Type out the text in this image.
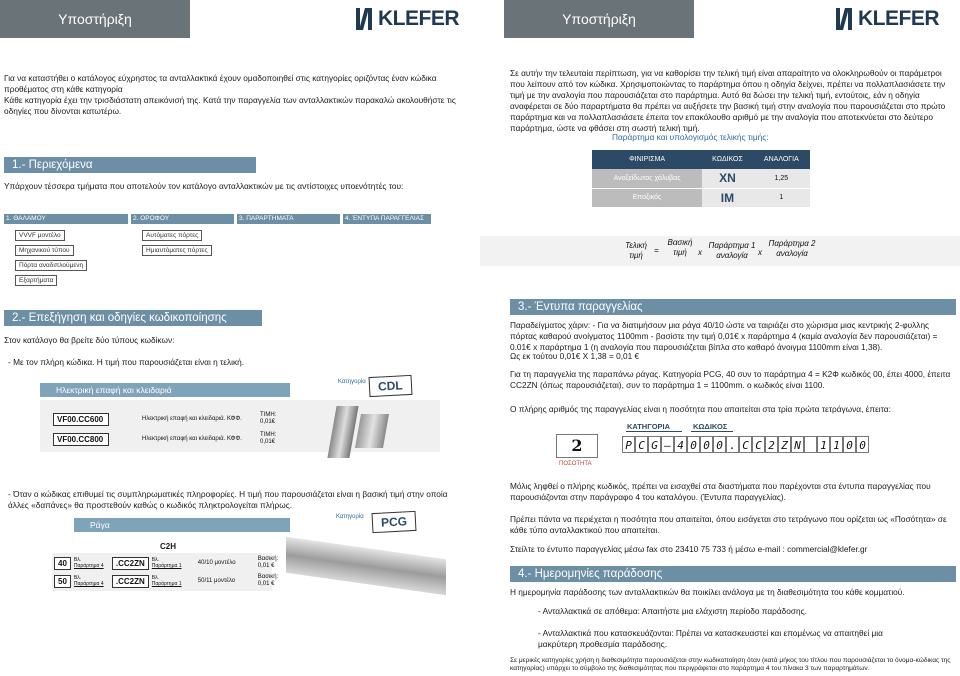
Υποστήριξη	KLEFER
Για να καταστήθει ο κατάλογος εύχρηστος τα ανταλλακτικά έχουν ομαδοποιηθεί στις κατηγορίες οριζόντας έναν κώδικα προθέματος στη κάθε κατηγορία
Κάθε κατηγορία έχει την τρισδιάστατη απεικόνισή της. Κατά την παραγγελία των ανταλλακτικών παρακαλώ ακολουθήστε τις οδηγίες που δίνονται κατωτέρω.
1.- Περιεχόμενα
Υπάρχουν τέσσερα τμήματα που αποτελούν τον κατάλογο ανταλλακτικών με τις αντίστοιχες υποενότητές του:
1. ΘΑΛΑΜΟΥ	2. ΟΡΟΦΟΥ	3. ΠΑΡΑΡΤΗΜΑΤΑ	4. ΈΝΤΥΠΑ ΠΑΡΑΓΓΕΛΙΑΣ
VVVF μοντέλο
Μηχανικού τύπου
Πόρτα αναδιπλούμενη
Εξαρτήματα
Αυτόματες πόρτες
Ημιαυτόματες πόρτες
2.- Επεξήγηση και οδηγίες κωδικοποίησης
Στον κατάλογο θα βρείτε δύο τύπους κωδίκων:
- Με τον πλήρη κώδικα. Η τιμή που παρουσιάζεται είναι η τελική.
Ηλεκτρική επαφή και κλειδαριά
Κατηγορία CDL
VF00.CC600	Ηλεκτρική επαφή και κλειδαριά. ΚΦΦ.
ΤΙΜΗ:
0,01€
VF00.CC800	Ηλεκτρική επαφή και κλειδαριά. ΚΦΦ.
ΤΙΜΗ:
0,01€
- Όταν ο κώδικας επιθυμεί τις συμπληρωματικές πληροφορίες. Η τιμή που παρουσιάζεται είναι η βασική τιμή στην οποία άλλες «δαπάνες» θα προστεθούν καθώς ο κωδικός πληκτρολογείται πλήρως.
Ράγα
Κατηγορία	PCG
C2H
40	Βλ.
Παράρτημα 4	.CC2ZN	Βλ.
Παράρτημα 1	40/10 μοντέλο
Βασική:
0,01 €
50	Βλ.
Παράρτημα 4	.CC2ZN	Βλ.
Παράρτημα 1	50/11 μοντέλο
Βασική:
0,01 €
Υποστήριξη	KLEFER
Σε αυτήν την τελευταία περίπτωση, για να καθορίσει την τελική τιμή είναι απαραίτητο να ολοκληρωθούν οι παράμετροι που λείπουν από τον κώδικα. Χρησιμοποιώντας το παράρτημα όπου η οδηγία δείχνει, πρέπει να πολλαπλασιάσετε την τιμή με την αναλογία που παρουσιάζεται στο παράρτημα. Αυτό θα δώσει την τελική τιμή, εντούτοις, εάν η οδηγία αναφέρεται σε δύο παραρτήματα θα πρέπει να αυξήσετε την βασική τιμή στην αναλογία που παρουσιάζεται στο πρώτο παράρτημα και να πολλαπλασιάσετε έπειτα τον επακόλουθο αριθμό με την αναλογία που αποτεκνύεται στο δεύτερο παράρτημα, ώστε να φθάσει στη σωστή τελική τιμή.
Παράρτημα και υπολογισμός τελικής τιμής:
ΦΙΝΙΡΙΣΜΑ	ΚΩΔΙΚΟΣ	ΑΝΑΛΟΓΙΑ
Ανοξείδωτος χάλυβας	XN	1,25
Εποξικός	IM	1
Τελική τιμή
=
Βασική τιμή	x
Παράρτημα 1 αναλογία	x
Παράρτημα 2 αναλογία
3.- Έντυπα παραγγελίας
Παραδείγματος χάριν: - Για να διατιμήσουν μια ράγα 40/10 ώστε να ταιριάζει στο χώρισμα μιας κεντρικής 2-φυλλης πόρτας καθαρού ανοίγματος 1100mm - βασίστε την τιμή 0,01€ x παράρτημα 4 (καμία αναλογία δεν παρουσιάζεται) = 0.01€ x παράρτημα 1 (η αναλογία που παρουσιάζεται βίπλα στο καθαρό άνοιγμα 1100mm είναι 1,38).
Ως εκ τούτου 0,01€ X 1,38 = 0,01 €
Για τη παραγγελία της παραπάνω ράγας. Κατηγορία PCG, 40 συν το παράρτημα 4 = Κ2Φ κωδικός 00, έπει 4000, έπειτα CC2ZN (όπως παρουσιάζεται), συν το παράρτημα 1 = 1100mm. ο κωδικός είναι 1100.
Ο πλήρης αριθμός της παραγγελίας είναι η ποσότητα που απαιτείται στα τρία πρώτα τετράγωνα, έπειτα:
ΚΑΤΗΓΟΡΙΑ	ΚΩΔΙΚΟΣ
2
ΠΟΣΟΤΗΤΑ
P C G – 4 0 0 0 . C C 2 Z N 1 1 0 0
Μόλις ληφθεί ο πλήρης κωδικός, πρέπει να εισαχθεί στα διαστήματα που παρέχονται στα έντυπα παραγγελίας που παρουσιάζονται στην παράγραφο 4 του καταλόγου. (Έντυπα παραγγελίας).
Πρέπει πάντα να περιέχεται η ποσότητα που απαιτείται, όπου εισάγεται στο τετράγωνο που ορίζεται ως «Ποσότητα» σε κάθε τύπο ανταλλακτικού που απαιτείται.
Στείλτε το έντυπο παραγγελίας μέσω fax στο 23410 75 733 ή μέσω e-mail : commercial@klefer.gr
4.- Ημερομηνίες παράδοσης
Η ημερομηνία παράδοσης των ανταλλακτικών θα ποικίλει ανάλογα με τη διαθεσιμότητα του κάθε κομματιού.
- Ανταλλακτικά σε απόθεμα: Απαιτήστε μια ελάχιστη περίοδο παράδοσης.
- Ανταλλακτικά που κατασκευάζονται: Πρέπει να κατασκευαστεί και επομένως να απαιτηθεί μια μακρύτερη προθεσμία παράδοσης.
Σε μερικές κατηγορίες χρήση η διαθεσιμότητα παρουσιάζεται στην κωδικοποίηση όταν (κατά μήκος του τίτλου που παρουσιάζεται το όνομα-κώδικας της κατηγορίας) υπάρχει το σύμβολο της διαθεσιμότητας που περιγράφεται στο παράρτημα 4 του πίνακα 3 των παραρτημάτων.
